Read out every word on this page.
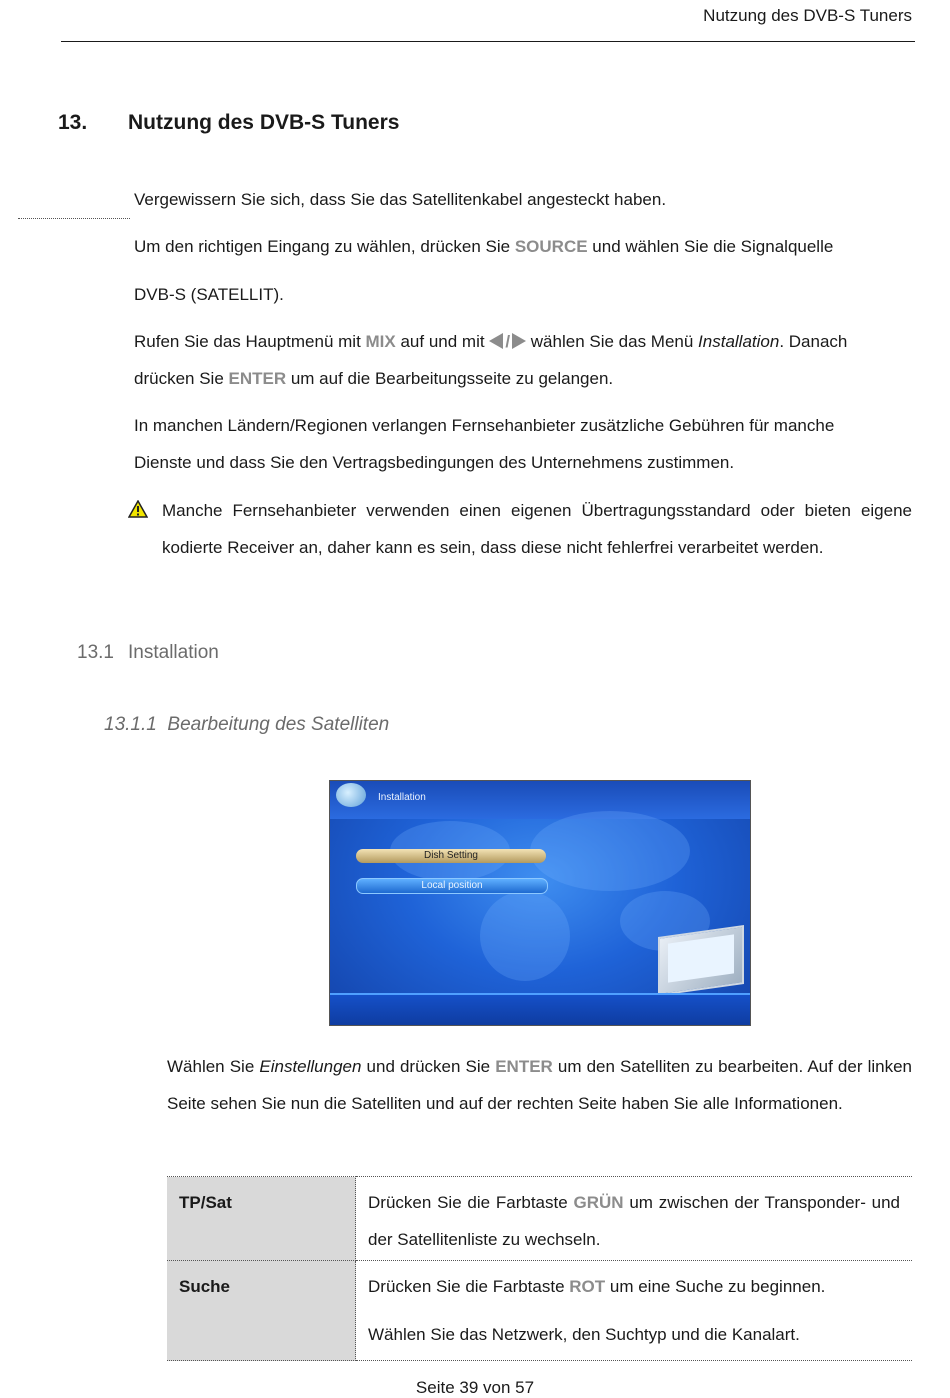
Nutzung des DVB-S Tuners
13. Nutzung des DVB-S Tuners
Vergewissern Sie sich, dass Sie das Satellitenkabel angesteckt haben.
Um den richtigen Eingang zu wählen, drücken Sie SOURCE und wählen Sie die Signalquelle
DVB-S (SATELLIT).
Rufen Sie das Hauptmenü mit MIX auf und mit / wählen Sie das Menü Installation. Danach
drücken Sie ENTER um auf die Bearbeitungsseite zu gelangen.
In manchen Ländern/Regionen verlangen Fernsehanbieter zusätzliche Gebühren für manche
Dienste und dass Sie den Vertragsbedingungen des Unternehmens zustimmen.
Manche Fernsehanbieter verwenden einen eigenen Übertragungsstandard oder bieten eigene kodierte Receiver an, daher kann es sein, dass diese nicht fehlerfrei verarbeitet werden.
13.1 Installation
13.1.1 Bearbeitung des Satelliten
Installation
Dish Setting
Local position
Wählen Sie Einstellungen und drücken Sie ENTER um den Satelliten zu bearbeiten. Auf der linken Seite sehen Sie nun die Satelliten und auf der rechten Seite haben Sie alle Informationen.
TP/Sat	Drücken Sie die Farbtaste GRÜN um zwischen der Transponder- und der Satellitenliste zu wechseln.
Suche	Drücken Sie die Farbtaste ROT um eine Suche zu beginnen.
Wählen Sie das Netzwerk, den Suchtyp und die Kanalart.
Seite 39 von 57
